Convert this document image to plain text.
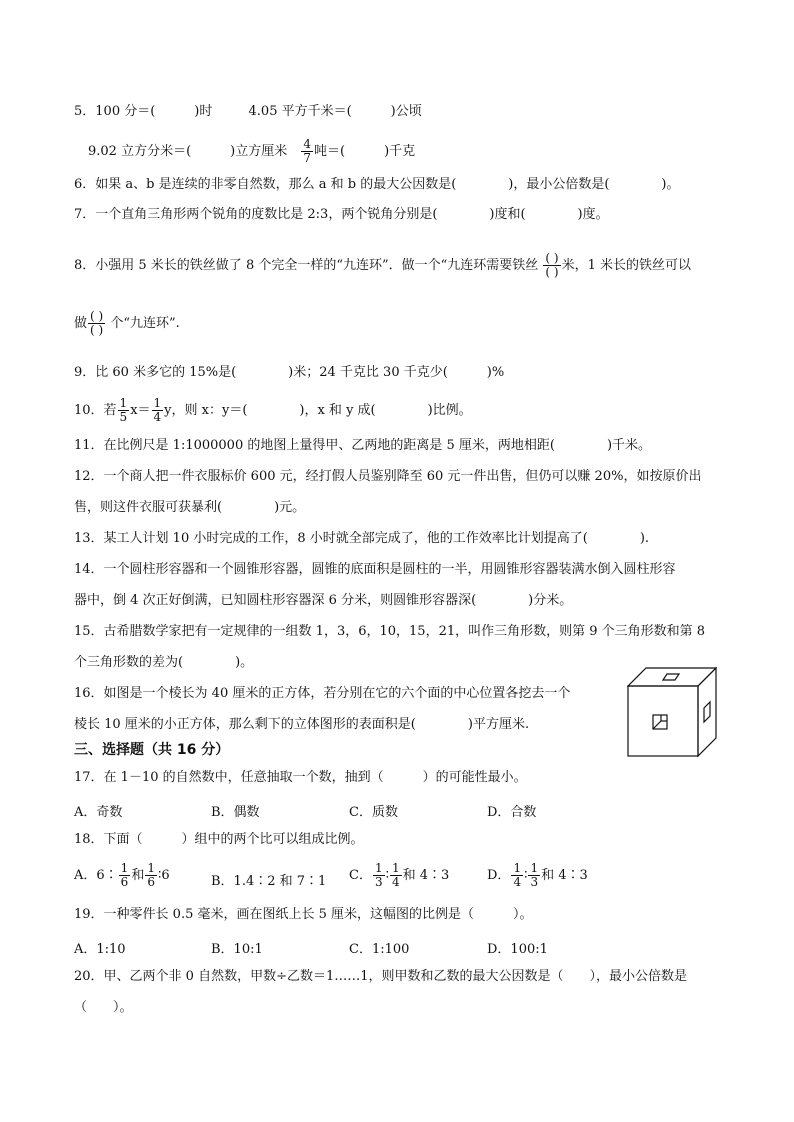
5．100 分＝(　　　)时	4.05 平方千米＝(　　　)公顷
9.02 立方分米＝(　　　)立方厘米 $\frac{4}{7}$ 吨＝(　　　)千克
6．如果 a、b 是连续的非零自然数，那么 a 和 b 的最大公因数是(　　　　)，最小公倍数是(　　　　)。
7．一个直角三角形两个锐角的度数比是 2:3，两个锐角分别是(　　　　)度和(　　　　)度。
8．小强用 5 米长的铁丝做了 8 个完全一样的“九连环”．做一个“九连环需要铁丝 $\frac{( )}{( )}$ 米，1 米长的铁丝可以
做 $\frac{( )}{( )}$ 个“九连环”.
9．比 60 米多它的 15%是(　　　　)米；24 千克比 30 千克少(　　　)%
10．若 $\frac{1}{5} x= \frac{1}{4}$ y，则 x：y＝(　　　　)，x 和 y 成(　　　　)比例。
11．在比例尺是 1:1000000 的地图上量得甲、乙两地的距离是 5 厘米，两地相距(　　　　)千米。
12．一个商人把一件衣服标价 600 元，经打假人员鉴别降至 60 元一件出售，但仍可以赚 20%，如按原价出
售，则这件衣服可获暴利(　　　　)元。
13．某工人计划 10 小时完成的工作，8 小时就全部完成了，他的工作效率比计划提高了(　　　　).
14．一个圆柱形容器和一个圆锥形容器，圆锥的底面积是圆柱的一半，用圆锥形容器装满水倒入圆柱形容
器中，倒 4 次正好倒满，已知圆柱形容器深 6 分米，则圆锥形容器深(　　　　)分米。
15．古希腊数学家把有一定规律的一组数 1，3，6，10，15，21，叫作三角形数，则第 9 个三角形数和第 8
个三角形数的差为(　　　　)。
16．如图是一个棱长为 40 厘米的正方体，若分别在它的六个面的中心位置各挖去一个
棱长 10 厘米的小正方体，那么剩下的立体图形的表面积是(　　　　)平方厘米.
三、选择题（共 16 分）
17．在 1－10 的自然数中，任意抽取一个数，抽到（　　　）的可能性最小。
A．奇数	B．偶数	C．质数	D．合数
18．下面（　　　）组中的两个比可以组成比例。
A．6∶ $\frac{1}{6}$ 和 $\frac{1}{6}$ ∶6	B．1.4∶2 和 7∶1 C． $\frac{1}{3}$ ∶ $\frac{1}{4}$ 和 4∶3	D． $\frac{1}{4}$ ∶ $\frac{1}{3}$ 和 4∶3
19．一种零件长 0.5 毫米，画在图纸上长 5 厘米，这幅图的比例是（　　　）。
A．1:10	B．10:1	C．1:100	D．100:1
20．甲、乙两个非 0 自然数，甲数÷乙数＝1……1，则甲数和乙数的最大公因数是（　　），最小公倍数是
（　　）。
